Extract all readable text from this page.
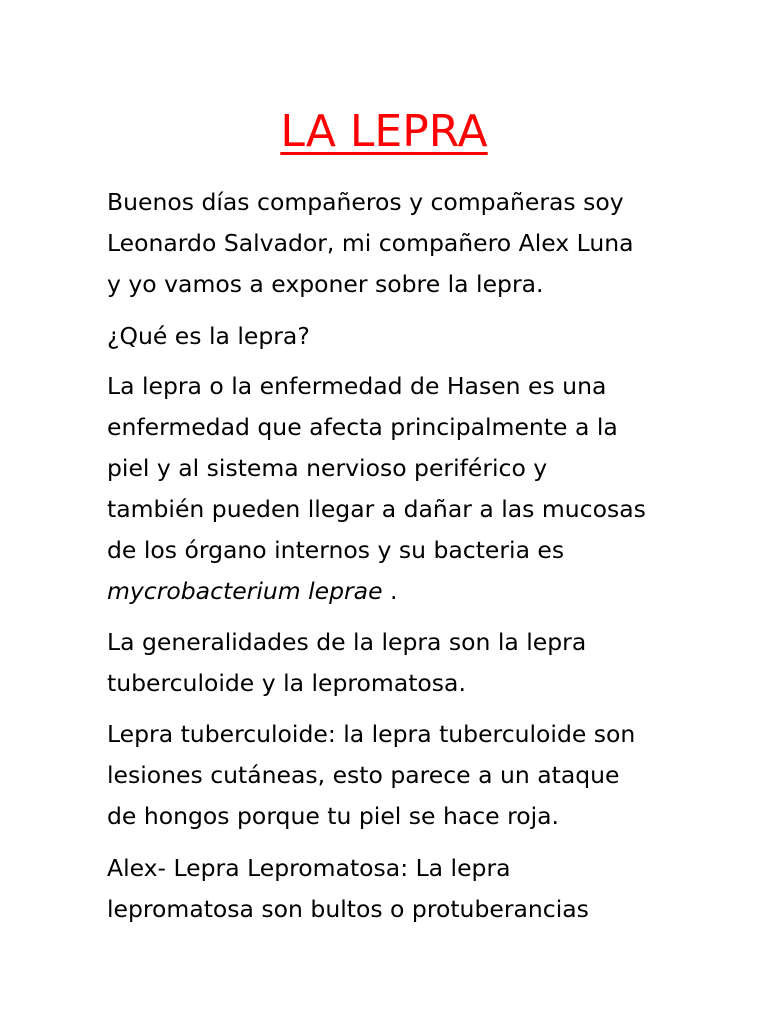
LA LEPRA

Buenos días compañeros y compañeras soy
Leonardo Salvador, mi compañero Alex Luna
y yo vamos a exponer sobre la lepra.

¿Qué es la lepra?

La lepra o la enfermedad de Hasen es una
enfermedad que afecta principalmente a la
piel y al sistema nervioso periférico y
también pueden llegar a dañar a las mucosas
de los órgano internos y su bacteria es
mycrobacterium leprae .

La generalidades de la lepra son la lepra
tuberculoide y la lepromatosa.

Lepra tuberculoide: la lepra tuberculoide son
lesiones cutáneas, esto parece a un ataque
de hongos porque tu piel se hace roja.

Alex- Lepra Lepromatosa: La lepra
lepromatosa son bultos o protuberancias
